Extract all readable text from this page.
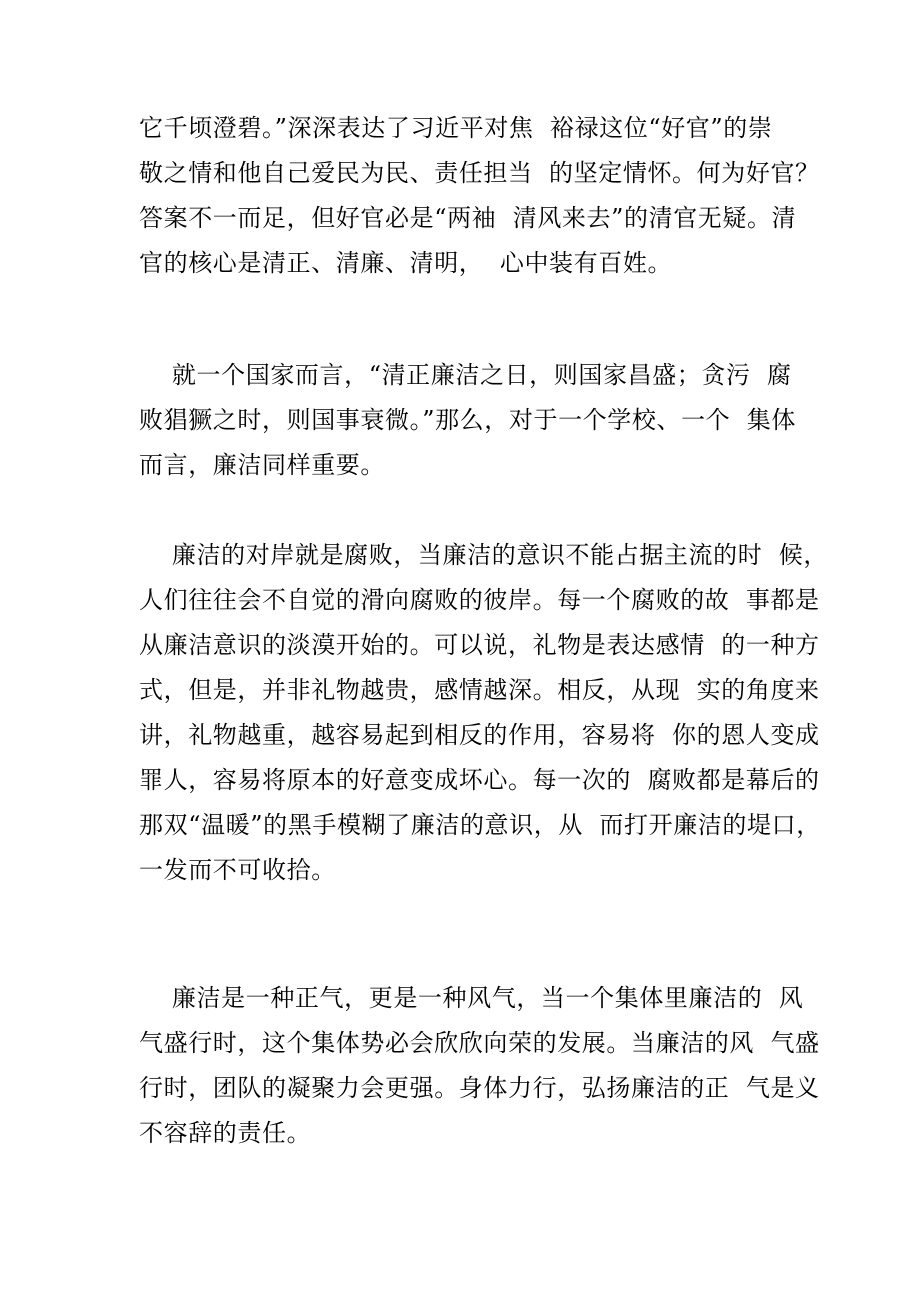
它千顷澄碧。”深深表达了习近平对焦  裕禄这位“好官”的崇
敬之情和他自己爱民为民、责任担当  的坚定情怀。何为好官？
答案不一而足，但好官必是“两袖  清风来去”的清官无疑。清
官的核心是清正、清廉、清明，  心中装有百姓。
就一个国家而言，“清正廉洁之日，则国家昌盛；贪污  腐
败猖獗之时，则国事衰微。”那么，对于一个学校、一个  集体
而言，廉洁同样重要。
廉洁的对岸就是腐败，当廉洁的意识不能占据主流的时  候，
人们往往会不自觉的滑向腐败的彼岸。每一个腐败的故  事都是
从廉洁意识的淡漠开始的。可以说，礼物是表达感情  的一种方
式，但是，并非礼物越贵，感情越深。相反，从现  实的角度来
讲，礼物越重，越容易起到相反的作用，容易将  你的恩人变成
罪人，容易将原本的好意变成坏心。每一次的  腐败都是幕后的
那双“温暖”的黑手模糊了廉洁的意识，从  而打开廉洁的堤口，
一发而不可收拾。
廉洁是一种正气，更是一种风气，当一个集体里廉洁的  风
气盛行时，这个集体势必会欣欣向荣的发展。当廉洁的风  气盛
行时，团队的凝聚力会更强。身体力行，弘扬廉洁的正  气是义
不容辞的责任。
